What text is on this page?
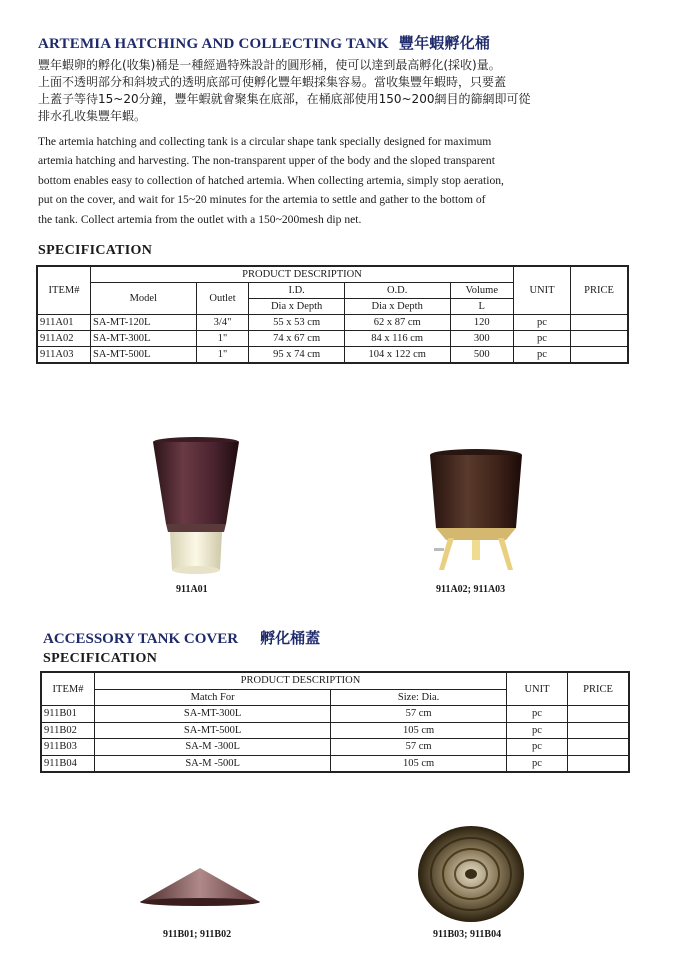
ARTEMIA HATCHING AND COLLECTING TANK 豐年蝦孵化桶
豐年蝦卵的孵化(收集)桶是一種經過特殊設計的圓形桶，使可以達到最高孵化(採收)量。
上面不透明部分和斜坡式的透明底部可使孵化豐年蝦採集容易。當收集豐年蝦時，只要蓋
上蓋子等待15~20分鐘，豐年蝦就會聚集在底部，在桶底部使用150~200網目的篩網即可從
排水孔收集豐年蝦。
The artemia hatching and collecting tank is a circular shape tank specially designed for maximum
artemia hatching and harvesting. The non-transparent upper of the body and the sloped transparent
bottom enables easy to collection of hatched artemia. When collecting artemia, simply stop aeration,
put on the cover, and wait for 15~20 minutes for the artemia to settle and gather to the bottom of
the tank. Collect artemia from the outlet with a 150~200mesh dip net.
SPECIFICATION
ITEM#	PRODUCT DESCRIPTION					UNIT	PRICE
	Model	Outlet	I.D.	O.D.	Volume		
			Dia x Depth	Dia x Depth	L		
911A01	SA-MT-120L	3/4"	55 x 53 cm	62 x 87 cm	120	pc	
911A02	SA-MT-300L	1"	74 x 67 cm	84 x 116 cm	300	pc	
911A03	SA-MT-500L	1"	95 x 74 cm	104 x 122 cm	500	pc	
911A01	911A02; 911A03
ACCESSORY TANK COVER 孵化桶蓋
SPECIFICATION
ITEM#	PRODUCT DESCRIPTION		UNIT	PRICE
	Match For	Size: Dia.		
911B01	SA-MT-300L	57 cm	pc	
911B02	SA-MT-500L	105 cm	pc	
911B03	SA-M -300L	57 cm	pc	
911B04	SA-M -500L	105 cm	pc	
911B01; 911B02	911B03; 911B04
